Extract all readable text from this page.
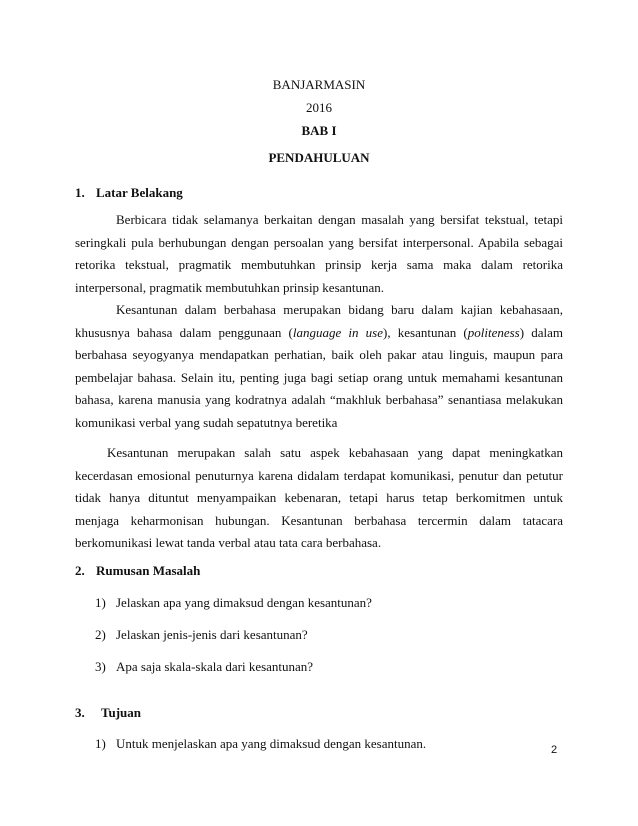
BANJARMASIN
2016
BAB I
PENDAHULUAN
1. Latar Belakang

Berbicara tidak selamanya berkaitan dengan masalah yang bersifat tekstual, tetapi seringkali pula berhubungan dengan persoalan yang bersifat interpersonal. Apabila sebagai retorika tekstual, pragmatik membutuhkan prinsip kerja sama maka dalam retorika interpersonal, pragmatik membutuhkan prinsip kesantunan.

Kesantunan dalam berbahasa merupakan bidang baru dalam kajian kebahasaan, khususnya bahasa dalam penggunaan (language in use), kesantunan (politeness) dalam berbahasa seyogyanya mendapatkan perhatian, baik oleh pakar atau linguis, maupun para pembelajar bahasa. Selain itu, penting juga bagi setiap orang untuk memahami kesantunan bahasa, karena manusia yang kodratnya adalah “makhluk berbahasa” senantiasa melakukan komunikasi verbal yang sudah sepatutnya beretika

Kesantunan merupakan salah satu aspek kebahasaan yang dapat meningkatkan kecerdasan emosional penuturnya karena didalam terdapat komunikasi, penutur dan petutur tidak hanya dituntut menyampaikan kebenaran, tetapi harus tetap berkomitmen untuk menjaga keharmonisan hubungan. Kesantunan berbahasa tercermin dalam tatacara berkomunikasi lewat tanda verbal atau tata cara berbahasa.

2. Rumusan Masalah
1) Jelaskan apa yang dimaksud dengan kesantunan?
2) Jelaskan jenis-jenis dari kesantunan?
3) Apa saja skala-skala dari kesantunan?
3. Tujuan
1) Untuk menjelaskan apa yang dimaksud dengan kesantunan.	2
